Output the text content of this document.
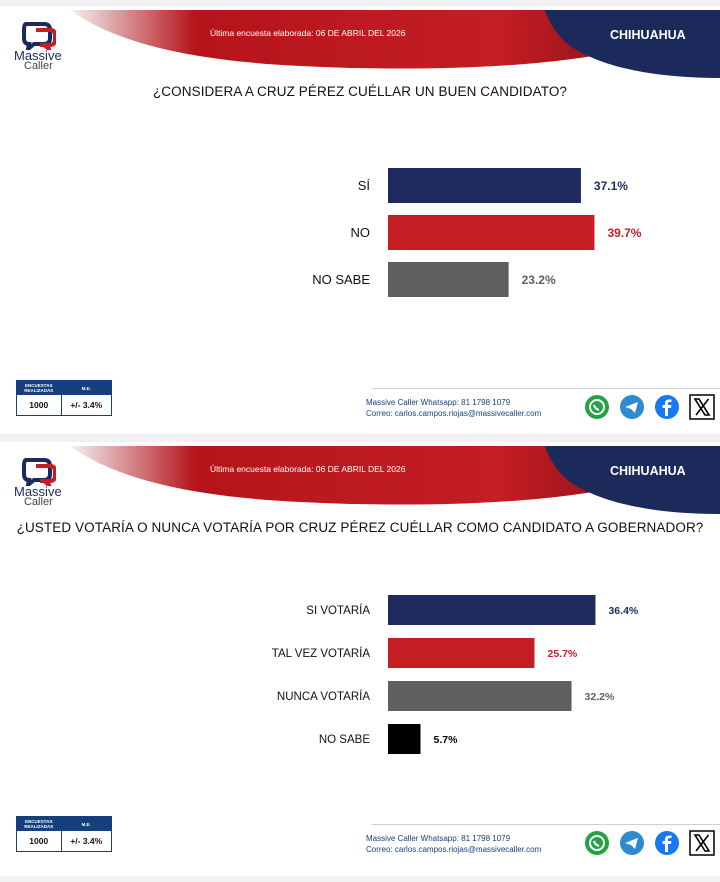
Massive
Caller
Última encuesta elaborada: 06 DE ABRIL DEL 2026	CHIHUAHUA
¿CONSIDERA A CRUZ PÉREZ CUÉLLAR UN BUEN CANDIDATO?
SÍ	37.1%
NO	39.7%
NO SABE	23.2%
ENCUESTAS REALIZADAS	M.E.
1000	+/- 3.4%	Massive Caller Whatsapp: 81 1798 1079
Correo: carlos.campos.riojas@massivecaller.com
Massive
Caller
Última encuesta elaborada: 06 DE ABRIL DEL 2026	CHIHUAHUA
¿USTED VOTARÍA O NUNCA VOTARÍA POR CRUZ PÉREZ CUÉLLAR COMO CANDIDATO A GOBERNADOR?
SI VOTARÍA	36.4%
TAL VEZ VOTARÍA	25.7%
NUNCA VOTARÍA	32.2%
NO SABE	5.7%
ENCUESTAS REALIZADAS	M.E.
1000	+/- 3.4%	Massive Caller Whatsapp: 81 1798 1079
Correo: carlos.campos.riojas@massivecaller.com
